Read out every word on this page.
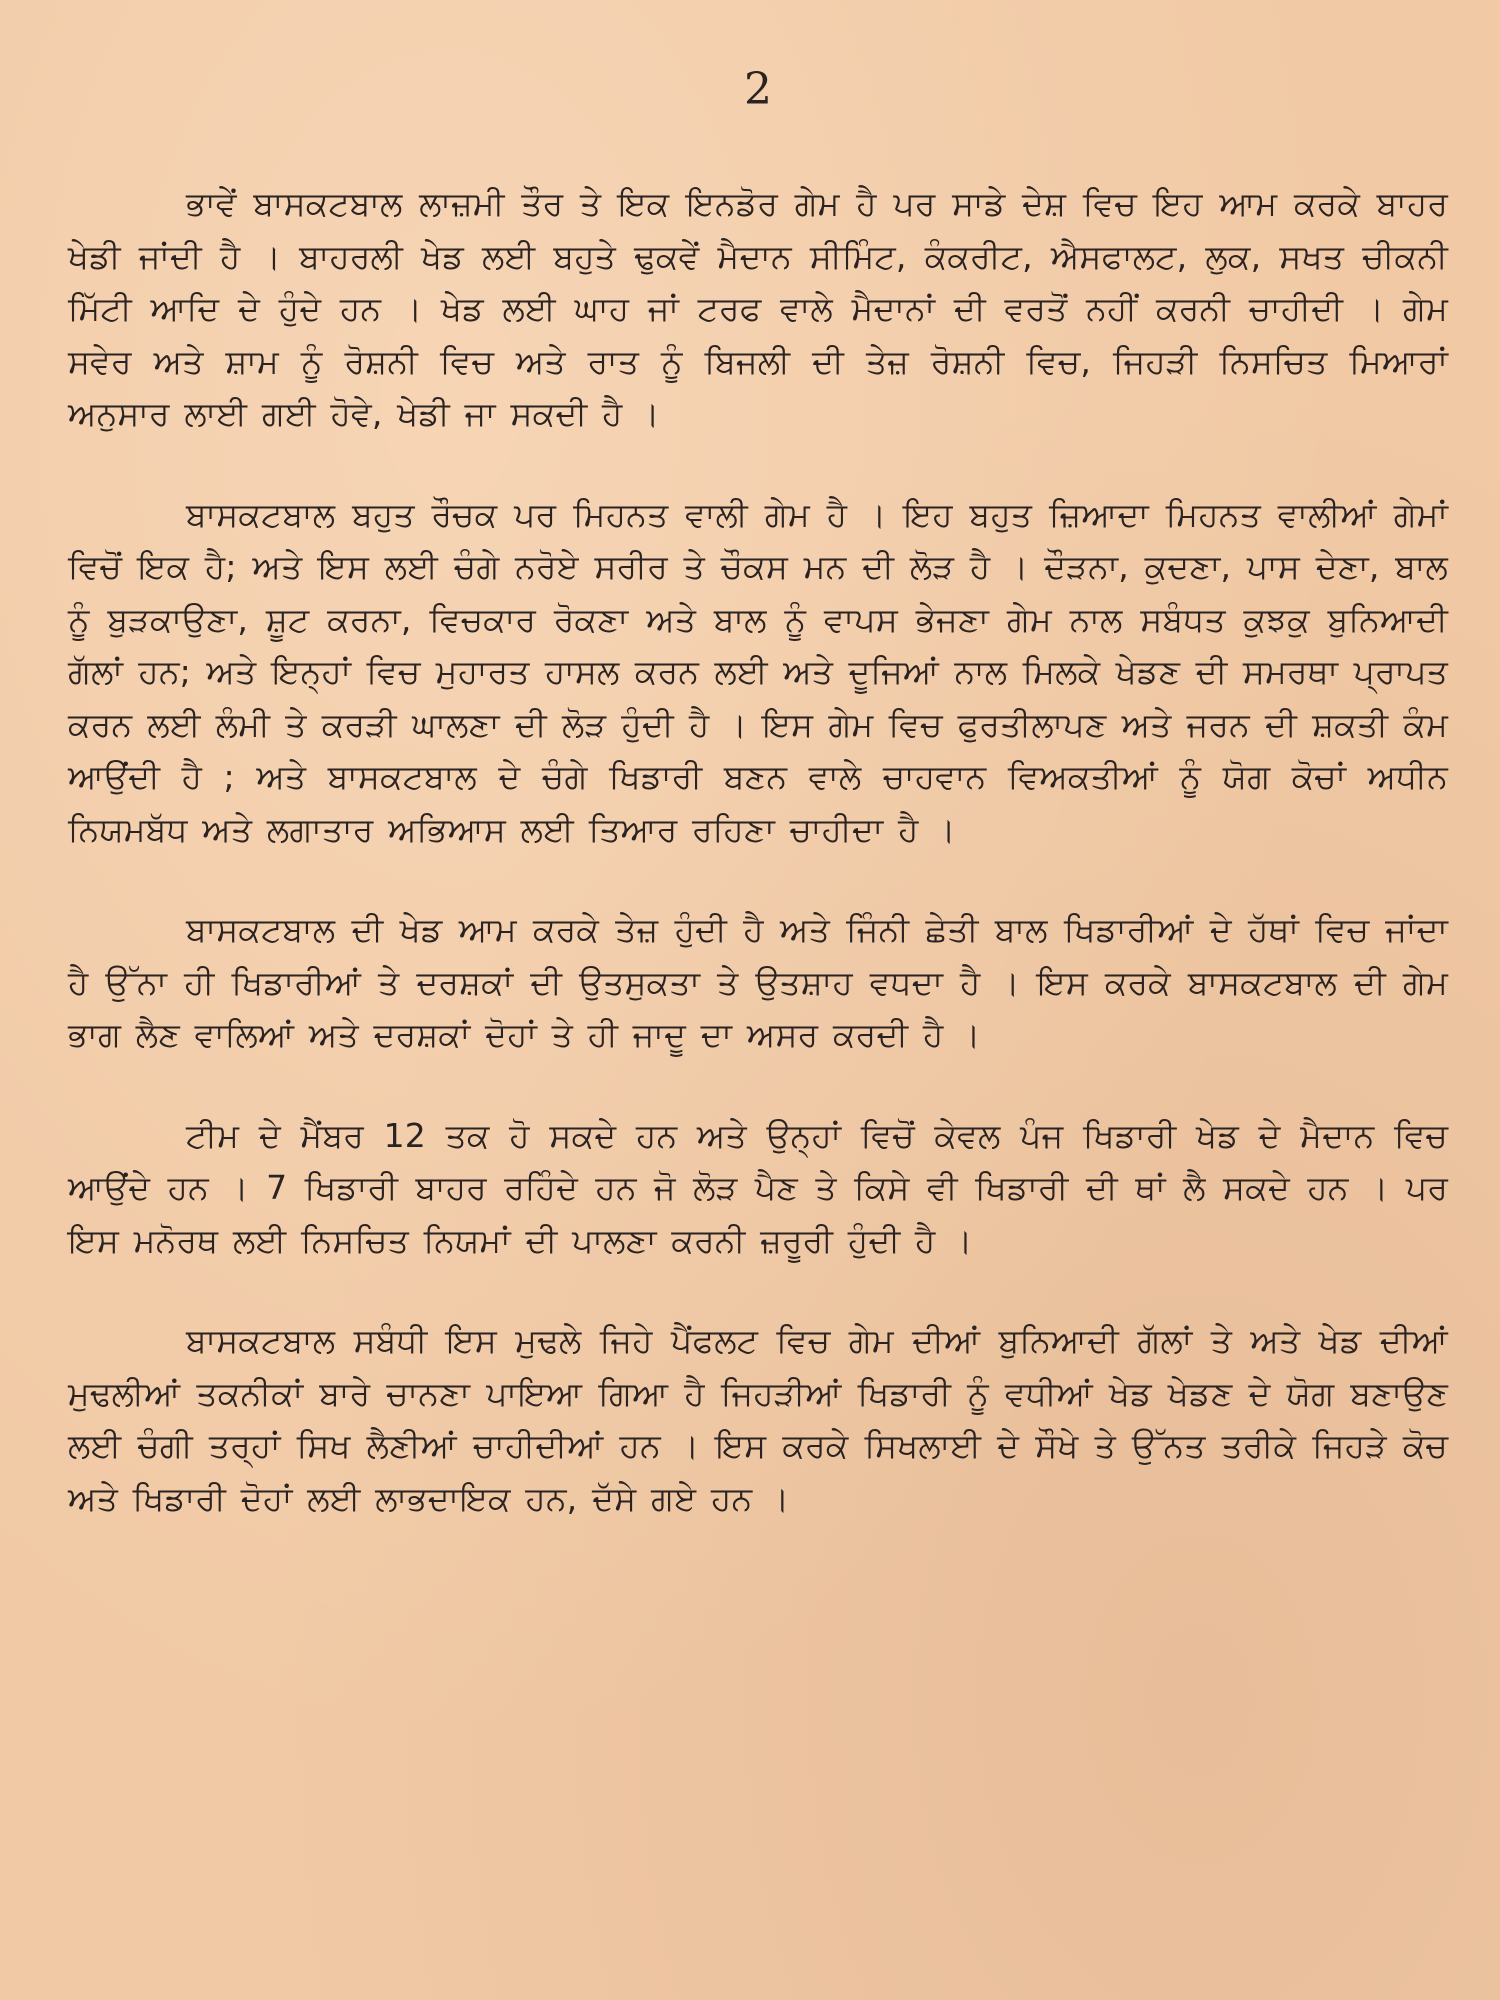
2

ਭਾਵੇਂ ਬਾਸਕਟਬਾਲ ਲਾਜ਼ਮੀ ਤੌਰ ਤੇ ਇਕ ਇਨਡੋਰ ਗੇਮ ਹੈ ਪਰ ਸਾਡੇ ਦੇਸ਼ ਵਿਚ ਇਹ ਆਮ ਕਰਕੇ ਬਾਹਰ ਖੇਡੀ ਜਾਂਦੀ ਹੈ । ਬਾਹਰਲੀ ਖੇਡ ਲਈ ਬਹੁਤੇ ਢੁਕਵੇਂ ਮੈਦਾਨ ਸੀਮਿੰਟ, ਕੰਕਰੀਟ, ਐਸਫਾਲਟ, ਲੁਕ, ਸਖਤ ਚੀਕਨੀ ਮਿੱਟੀ ਆਦਿ ਦੇ ਹੁੰਦੇ ਹਨ । ਖੇਡ ਲਈ ਘਾਹ ਜਾਂ ਟਰਫ ਵਾਲੇ ਮੈਦਾਨਾਂ ਦੀ ਵਰਤੋਂ ਨਹੀਂ ਕਰਨੀ ਚਾਹੀਦੀ । ਗੇਮ ਸਵੇਰ ਅਤੇ ਸ਼ਾਮ ਨੂੰ ਰੋਸ਼ਨੀ ਵਿਚ ਅਤੇ ਰਾਤ ਨੂੰ ਬਿਜਲੀ ਦੀ ਤੇਜ਼ ਰੋਸ਼ਨੀ ਵਿਚ, ਜਿਹੜੀ ਨਿਸਚਿਤ ਮਿਆਰਾਂ ਅਨੁਸਾਰ ਲਾਈ ਗਈ ਹੋਵੇ, ਖੇਡੀ ਜਾ ਸਕਦੀ ਹੈ ।

ਬਾਸਕਟਬਾਲ ਬਹੁਤ ਰੌਚਕ ਪਰ ਮਿਹਨਤ ਵਾਲੀ ਗੇਮ ਹੈ । ਇਹ ਬਹੁਤ ਜ਼ਿਆਦਾ ਮਿਹਨਤ ਵਾਲੀਆਂ ਗੇਮਾਂ ਵਿਚੋਂ ਇਕ ਹੈ; ਅਤੇ ਇਸ ਲਈ ਚੰਗੇ ਨਰੋਏ ਸਰੀਰ ਤੇ ਚੌਕਸ ਮਨ ਦੀ ਲੋੜ ਹੈ । ਦੌੜਨਾ, ਕੁਦਣਾ, ਪਾਸ ਦੇਣਾ, ਬਾਲ ਨੂੰ ਬੁੜਕਾਉਣਾ, ਸ਼ੂਟ ਕਰਨਾ, ਵਿਚਕਾਰ ਰੋਕਣਾ ਅਤੇ ਬਾਲ ਨੂੰ ਵਾਪਸ ਭੇਜਣਾ ਗੇਮ ਨਾਲ ਸਬੰਧਤ ਕੁਝਕੁ ਬੁਨਿਆਦੀ ਗੱਲਾਂ ਹਨ; ਅਤੇ ਇਨ੍ਹਾਂ ਵਿਚ ਮੁਹਾਰਤ ਹਾਸਲ ਕਰਨ ਲਈ ਅਤੇ ਦੂਜਿਆਂ ਨਾਲ ਮਿਲਕੇ ਖੇਡਣ ਦੀ ਸਮਰਥਾ ਪ੍ਰਾਪਤ ਕਰਨ ਲਈ ਲੰਮੀ ਤੇ ਕਰੜੀ ਘਾਲਣਾ ਦੀ ਲੋੜ ਹੁੰਦੀ ਹੈ । ਇਸ ਗੇਮ ਵਿਚ ਫੁਰਤੀਲਾਪਣ ਅਤੇ ਜਰਨ ਦੀ ਸ਼ਕਤੀ ਕੰਮ ਆਉਂਦੀ ਹੈ ; ਅਤੇ ਬਾਸਕਟਬਾਲ ਦੇ ਚੰਗੇ ਖਿਡਾਰੀ ਬਣਨ ਵਾਲੇ ਚਾਹਵਾਨ ਵਿਅਕਤੀਆਂ ਨੂੰ ਯੋਗ ਕੋਚਾਂ ਅਧੀਨ ਨਿਯਮਬੱਧ ਅਤੇ ਲਗਾਤਾਰ ਅਭਿਆਸ ਲਈ ਤਿਆਰ ਰਹਿਣਾ ਚਾਹੀਦਾ ਹੈ ।

ਬਾਸਕਟਬਾਲ ਦੀ ਖੇਡ ਆਮ ਕਰਕੇ ਤੇਜ਼ ਹੁੰਦੀ ਹੈ ਅਤੇ ਜਿੰਨੀ ਛੇਤੀ ਬਾਲ ਖਿਡਾਰੀਆਂ ਦੇ ਹੱਥਾਂ ਵਿਚ ਜਾਂਦਾ ਹੈ ਉੱਨਾ ਹੀ ਖਿਡਾਰੀਆਂ ਤੇ ਦਰਸ਼ਕਾਂ ਦੀ ਉਤਸੁਕਤਾ ਤੇ ਉਤਸ਼ਾਹ ਵਧਦਾ ਹੈ । ਇਸ ਕਰਕੇ ਬਾਸਕਟਬਾਲ ਦੀ ਗੇਮ ਭਾਗ ਲੈਣ ਵਾਲਿਆਂ ਅਤੇ ਦਰਸ਼ਕਾਂ ਦੋਹਾਂ ਤੇ ਹੀ ਜਾਦੂ ਦਾ ਅਸਰ ਕਰਦੀ ਹੈ ।

ਟੀਮ ਦੇ ਮੈਂਬਰ 12 ਤਕ ਹੋ ਸਕਦੇ ਹਨ ਅਤੇ ਉਨ੍ਹਾਂ ਵਿਚੋਂ ਕੇਵਲ ਪੰਜ ਖਿਡਾਰੀ ਖੇਡ ਦੇ ਮੈਦਾਨ ਵਿਚ ਆਉਂਦੇ ਹਨ । 7 ਖਿਡਾਰੀ ਬਾਹਰ ਰਹਿੰਦੇ ਹਨ ਜੋ ਲੋੜ ਪੈਣ ਤੇ ਕਿਸੇ ਵੀ ਖਿਡਾਰੀ ਦੀ ਥਾਂ ਲੈ ਸਕਦੇ ਹਨ । ਪਰ ਇਸ ਮਨੋਰਥ ਲਈ ਨਿਸਚਿਤ ਨਿਯਮਾਂ ਦੀ ਪਾਲਣਾ ਕਰਨੀ ਜ਼ਰੂਰੀ ਹੁੰਦੀ ਹੈ ।

ਬਾਸਕਟਬਾਲ ਸਬੰਧੀ ਇਸ ਮੁਢਲੇ ਜਿਹੇ ਪੈਂਫਲਟ ਵਿਚ ਗੇਮ ਦੀਆਂ ਬੁਨਿਆਦੀ ਗੱਲਾਂ ਤੇ ਅਤੇ ਖੇਡ ਦੀਆਂ ਮੁਢਲੀਆਂ ਤਕਨੀਕਾਂ ਬਾਰੇ ਚਾਨਣਾ ਪਾਇਆ ਗਿਆ ਹੈ ਜਿਹੜੀਆਂ ਖਿਡਾਰੀ ਨੂੰ ਵਧੀਆਂ ਖੇਡ ਖੇਡਣ ਦੇ ਯੋਗ ਬਣਾਉਣ ਲਈ ਚੰਗੀ ਤਰ੍ਹਾਂ ਸਿਖ ਲੈਣੀਆਂ ਚਾਹੀਦੀਆਂ ਹਨ । ਇਸ ਕਰਕੇ ਸਿਖਲਾਈ ਦੇ ਸੌਖੇ ਤੇ ਉੱਨਤ ਤਰੀਕੇ ਜਿਹੜੇ ਕੋਚ ਅਤੇ ਖਿਡਾਰੀ ਦੋਹਾਂ ਲਈ ਲਾਭਦਾਇਕ ਹਨ, ਦੱਸੇ ਗਏ ਹਨ ।
